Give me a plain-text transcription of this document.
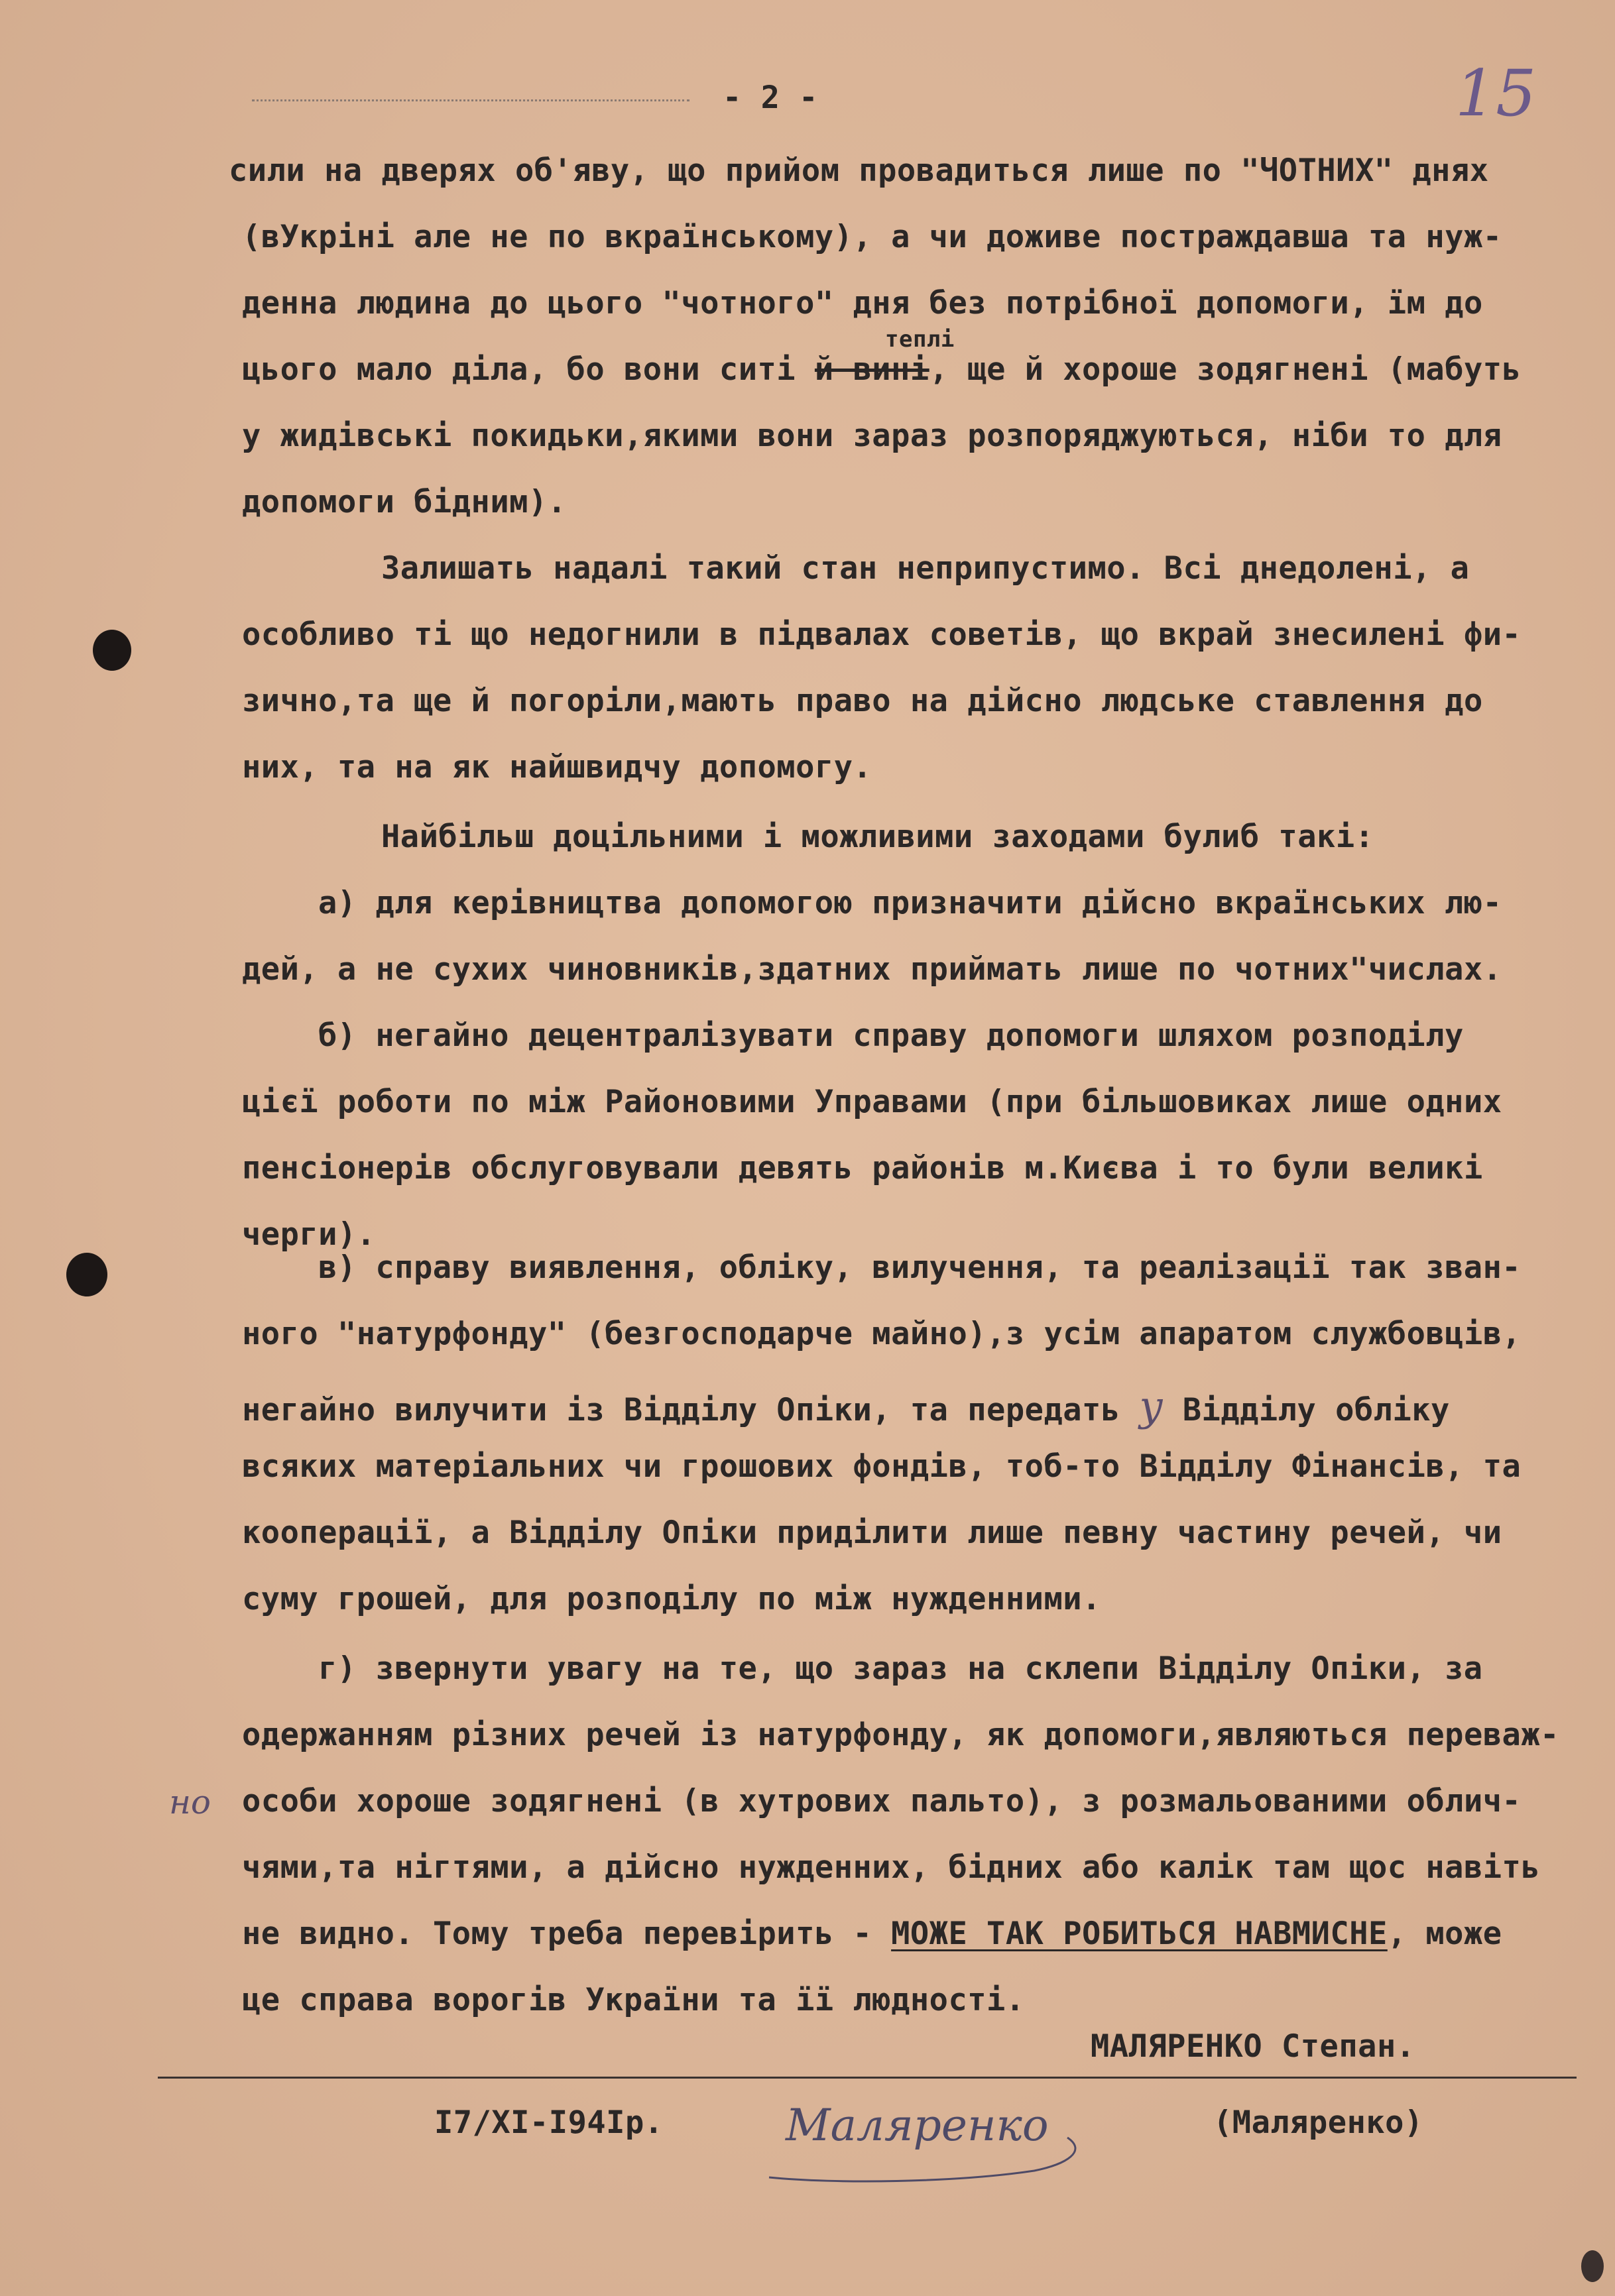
- 2 -	15
сили на дверях об'яву, що прийом провадиться лише по "ЧОТНИХ" днях
(вУкріні але не по вкраїнському), а чи доживе постраждавша та нуж-
денна людина до цього "чотного" дня без потрібної допомоги, їм до
цього мало діла, бо вони ситі й вині, ще й хороше зодягнені (мабуть
теплі
у жидівські покидьки,якими вони зараз розпоряджуються, ніби то для
допомоги бідним).
Залишать надалі такий стан неприпустимо. Всі днедолені, а
особливо ті що недогнили в підвалах советів, що вкрай знесилені фи-
зично,та ще й погоріли,мають право на дійсно людське ставлення до
них, та на як найшвидчу допомогу.
Найбільш доцільними і можливими заходами булиб такі:
а) для керівництва допомогою призначити дійсно вкраїнських лю-
дей, а не сухих чиновників,здатних приймать лише по чотних"числах.
б) негайно децентралізувати справу допомоги шляхом розподілу
цієї роботи по між Районовими Управами (при більшовиках лише одних
пенсіонерів обслуговували девять районів м.Києва і то були великі
черги).
в) справу виявлення, обліку, вилучення, та реалізації так зван-
ного "натурфонду" (безгосподарче майно),з усім апаратом службовців,
негайно вилучити із Відділу Опіки, та передать у Відділу обліку
всяких матеріальних чи грошових фондів, тоб-то Відділу Фінансів, та
кооперації, а Відділу Опіки приділити лише певну частину речей, чи
суму грошей, для розподілу по між нужденними.
г) звернути увагу на те, що зараз на склепи Відділу Опіки, за
одержанням різних речей із натурфонду, як допомоги,являються переваж-
но особи хороше зодягнені (в хутрових пальто), з розмальованими облич-
чями,та нігтями, а дійсно нужденних, бідних або калік там щос навіть
не видно. Тому треба перевірить - МОЖЕ ТАК РОБИТЬСЯ НАВМИСНЕ, може
це справа ворогів України та її людності.
МАЛЯРЕНКО Степан.
I7/XI-I94Iр.	Маляренко	(Маляренко)
